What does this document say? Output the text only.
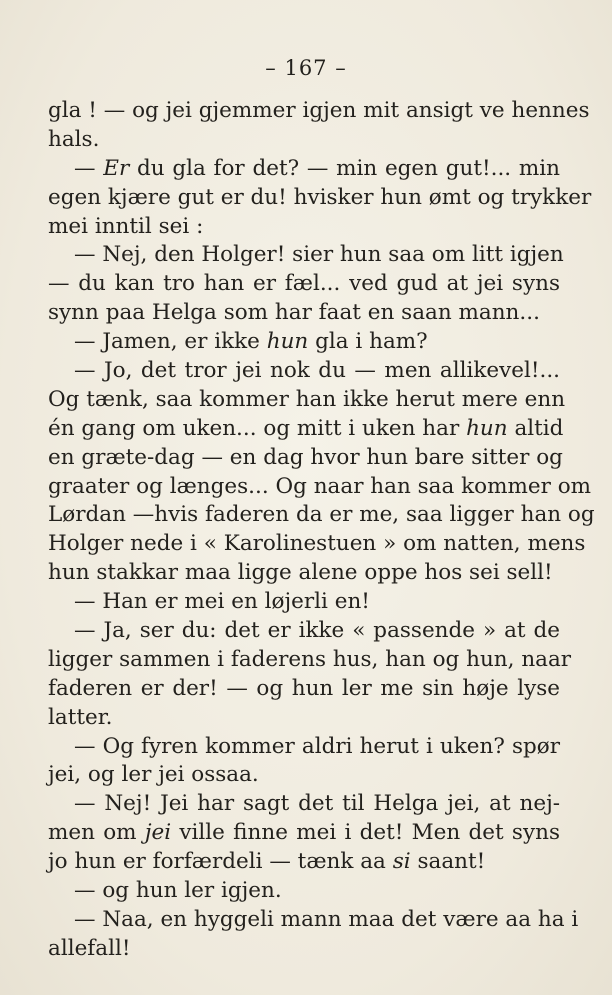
– 167 –
gla ! — og jei gjemmer igjen mit ansigt ve hennes
hals.
— Er du gla for det? — min egen gut!... min
egen kjære gut er du! hvisker hun ømt og trykker
mei inntil sei :
— Nej, den Holger! sier hun saa om litt igjen
— du kan tro han er fæl... ved gud at jei syns
synn paa Helga som har faat en saan mann...
— Jamen, er ikke hun gla i ham?
— Jo, det tror jei nok du — men allikevel!...
Og tænk, saa kommer han ikke herut mere enn
én gang om uken... og mitt i uken har hun altid
en græte-dag — en dag hvor hun bare sitter og
graater og længes... Og naar han saa kommer om
Lørdan —hvis faderen da er me, saa ligger han og
Holger nede i « Karolinestuen » om natten, mens
hun stakkar maa ligge alene oppe hos sei sell!
— Han er mei en løjerli en!
— Ja, ser du: det er ikke « passende » at de
ligger sammen i faderens hus, han og hun, naar
faderen er der! — og hun ler me sin høje lyse
latter.
— Og fyren kommer aldri herut i uken? spør
jei, og ler jei ossaa.
— Nej! Jei har sagt det til Helga jei, at nej-
men om jei ville finne mei i det! Men det syns
jo hun er forfærdeli — tænk aa si saant!
— og hun ler igjen.
— Naa, en hyggeli mann maa det være aa ha i
allefall!
